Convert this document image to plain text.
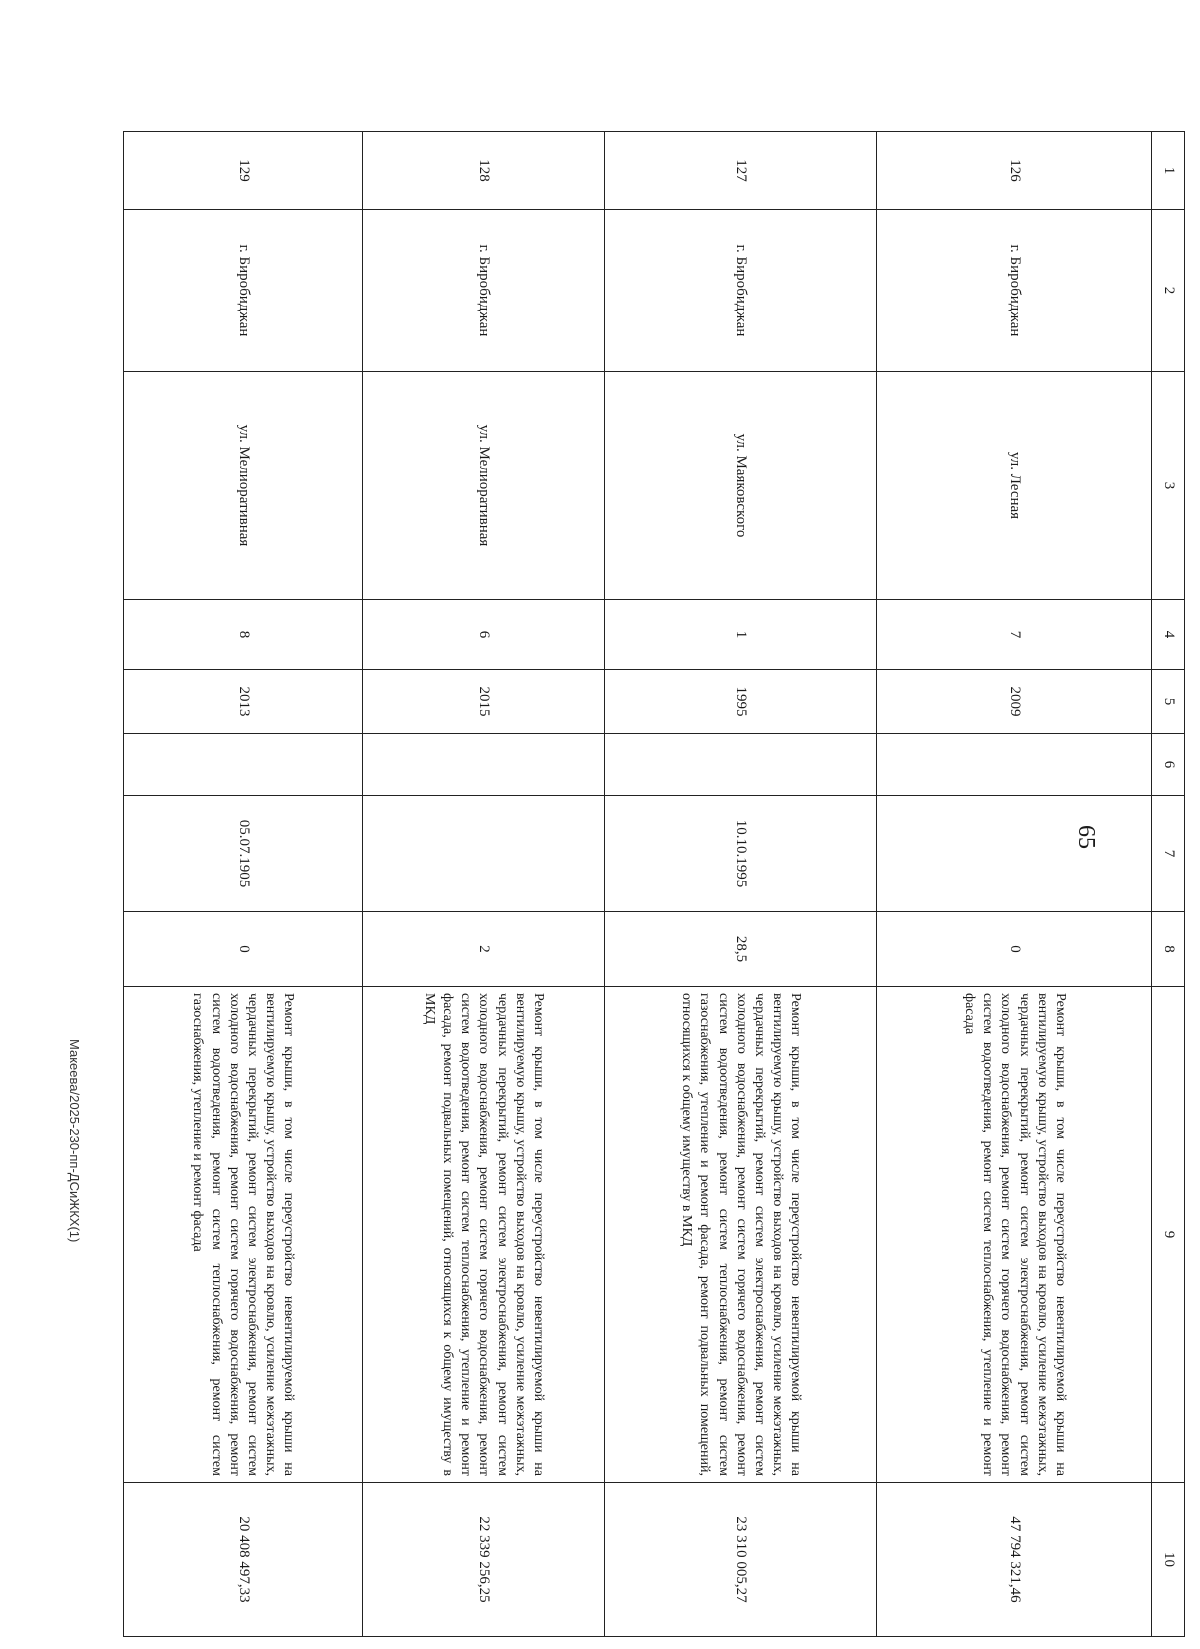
65
1	2	3	4	5	6	7	8	9	10
126	г. Биробиджан	ул. Лесная	7	2009			0	Ремонт крыши, в том числе переустройство невентилируемой крыши на вентилируемую крышу, устройство выходов на кровлю, усиление межэтажных, чердачных перекрытий, ремонт систем электроснабжения, ремонт систем холодного водоснабжения, ремонт систем горячего водоснабжения, ремонт систем водоотведения, ремонт систем теплоснабжения, утепление и ремонт фасада	47 794 321,46
127	г. Биробиджан	ул. Маяковского	1	1995		10.10.1995	28,5	Ремонт крыши, в том числе переустройство невентилируемой крыши на вентилируемую крышу, устройство выходов на кровлю, усиление межэтажных, чердачных перекрытий, ремонт систем электроснабжения, ремонт систем холодного водоснабжения, ремонт систем горячего водоснабжения, ремонт систем водоотведения, ремонт систем теплоснабжения, ремонт систем газоснабжения, утепление и ремонт фасада, ремонт подвальных помещений, относящихся к общему имуществу в МКД	23 310 005,27
128	г. Биробиджан	ул. Мелиоративная	6	2015			2	Ремонт крыши, в том числе переустройство невентилируемой крыши на вентилируемую крышу, устройство выходов на кровлю, усиление межэтажных, чердачных перекрытий, ремонт систем электроснабжения, ремонт систем холодного водоснабжения, ремонт систем горячего водоснабжения, ремонт систем водоотведения, ремонт систем теплоснабжения, утепление и ремонт фасада, ремонт подвальных помещений, относящихся к общему имуществу в МКД	22 339 256,25
129	г. Биробиджан	ул. Мелиоративная	8	2013		05.07.1905	0	Ремонт крыши, в том числе переустройство невентилируемой крыши на вентилируемую крышу, устройство выходов на кровлю, усиление межэтажных, чердачных перекрытий, ремонт систем электроснабжения, ремонт систем холодного водоснабжения, ремонт систем горячего водоснабжения, ремонт систем водоотведения, ремонт систем теплоснабжения, ремонт систем газоснабжения, утепление и ремонт фасада	20 408 497,33
Макеева/2025-230-пп-ДСиЖКХ(1)
